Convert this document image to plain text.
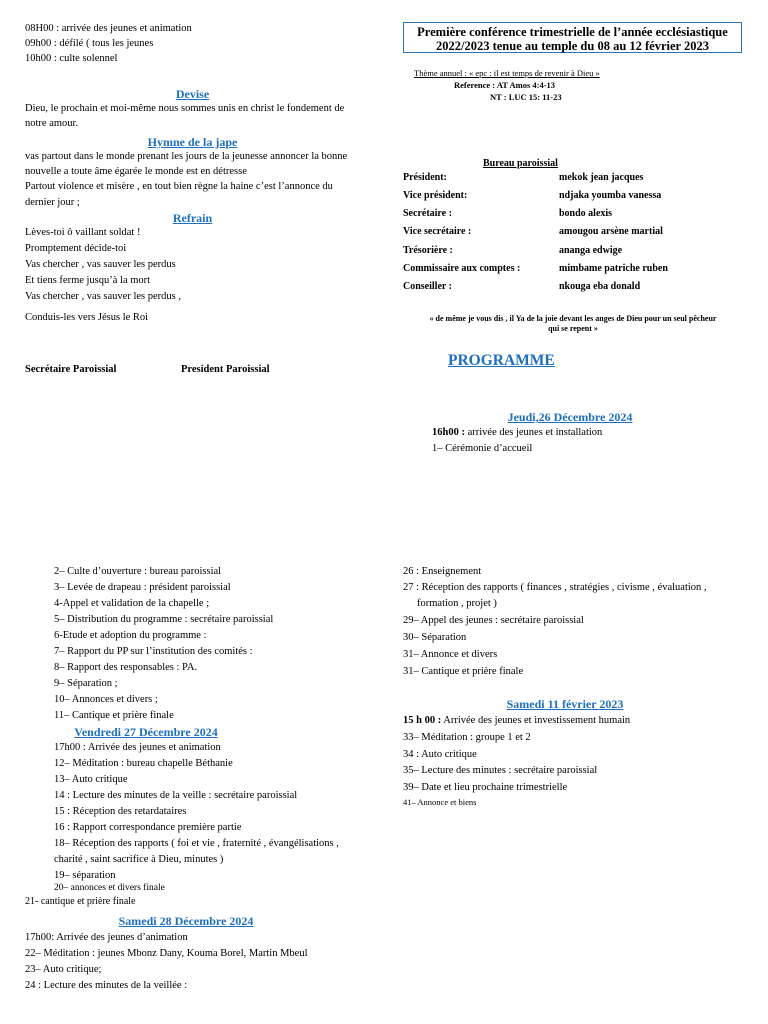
08H00 : arrivée des jeunes et animation
09h00 : défilé ( tous les jeunes
10h00 : culte solennel
Devise
Dieu, le prochain et moi-même nous sommes unis en christ le fondement de
notre amour.
Hymne de la jape
vas partout dans le monde prenant les jours de la jeunesse annoncer la bonne
nouvelle a toute âme égarée le monde est en détresse
Partout violence et misère , en tout bien règne la haine c’est l’annonce du
dernier jour ;
Refrain
Lèves-toi ô vaillant soldat !
Promptement décide-toi
Vas chercher , vas sauver les perdus
Et tiens ferme jusqu’à la mort
Vas chercher , vas sauver les perdus ,
Conduis-les vers Jésus le Roi
Secrétaire Paroissial	President Paroissial
Première conférence trimestrielle de l’année ecclésiastique
2022/2023 tenue au temple du 08 au 12 février 2023
Thème annuel : « epc : il est temps de revenir à Dieu »
Reference : AT Amos 4:4-13
NT : LUC 15: 11-23
Bureau paroissial
Président:	mekok jean jacques
Vice président:	ndjaka youmba vanessa
Secrétaire :	bondo alexis
Vice secrétaire :	amougou arsène martial
Trésorière :	ananga edwige
Commissaire aux comptes :	mimbame patriche ruben
Conseiller :	nkouga eba donald
« de même je vous dis , il Ya de la joie devant les anges de Dieu pour un seul pêcheur
qui se repent »
PROGRAMME
Jeudi,26 Décembre 2024
16h00 : arrivée des jeunes et installation
1– Cérémonie d’accueil
2– Culte d’ouverture : bureau paroissial
3– Levée de drapeau : président paroissial
4-Appel et validation de la chapelle ;
5– Distribution du programme : secrétaire paroissial
6-Etude et adoption du programme :
7– Rapport du PP sur l’institution des comités :
8– Rapport des responsables : PA.
9– Séparation ;
10– Annonces et divers ;
11– Cantique et prière finale
Vendredi 27 Décembre 2024
17h00 : Arrivée des jeunes et animation
12– Méditation : bureau chapelle Béthanie
13– Auto critique
14 : Lecture des minutes de la veille : secrétaire paroissial
15 : Réception des retardataires
16 : Rapport correspondance première partie
18– Réception des rapports ( foi et vie , fraternité , évangélisations ,
charité , saint sacrifice à Dieu, minutes )
19– séparation
20– annonces et divers finale
21- cantique et prière finale
Samedi 28 Décembre 2024
17h00: Arrivée des jeunes d’animation
22– Méditation : jeunes Mbonz Dany, Kouma Borel, Martin Mbeul
23– Auto critique;
24 : Lecture des minutes de la veillée :
26 : Enseignement
27 : Réception des rapports ( finances , stratégies , civisme , évaluation ,
formation , projet )
29– Appel des jeunes : secrétaire paroissial
30– Séparation
31– Annonce et divers
31– Cantique et prière finale
Samedi 11 février 2023
15 h 00 : Arrivée des jeunes et investissement humain
33– Méditation : groupe 1 et 2
34 : Auto critique
35– Lecture des minutes : secrétaire paroissial
39– Date et lieu prochaine trimestrielle
41– Annonce et biens
